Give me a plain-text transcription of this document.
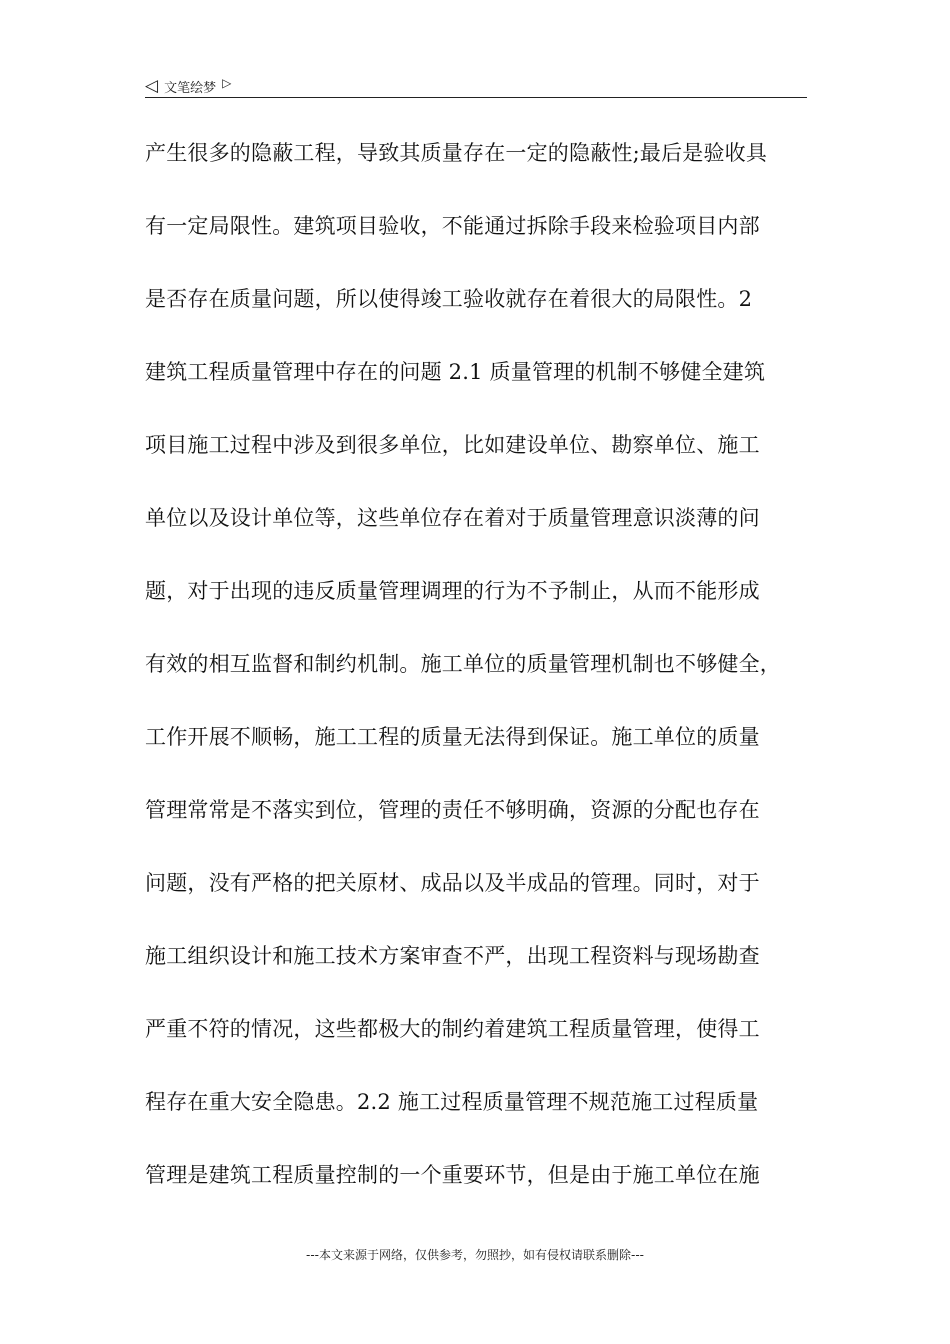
◁ 文笔绘梦 ▷
产生很多的隐蔽工程，导致其质量存在一定的隐蔽性;最后是验收具
有一定局限性。建筑项目验收，不能通过拆除手段来检验项目内部
是否存在质量问题，所以使得竣工验收就存在着很大的局限性。2
建筑工程质量管理中存在的问题 2.1 质量管理的机制不够健全建筑
项目施工过程中涉及到很多单位，比如建设单位、勘察单位、施工
单位以及设计单位等，这些单位存在着对于质量管理意识淡薄的问
题，对于出现的违反质量管理调理的行为不予制止，从而不能形成
有效的相互监督和制约机制。施工单位的质量管理机制也不够健全，
工作开展不顺畅，施工工程的质量无法得到保证。施工单位的质量
管理常常是不落实到位，管理的责任不够明确，资源的分配也存在
问题，没有严格的把关原材、成品以及半成品的管理。同时，对于
施工组织设计和施工技术方案审查不严，出现工程资料与现场勘查
严重不符的情况，这些都极大的制约着建筑工程质量管理，使得工
程存在重大安全隐患。2.2 施工过程质量管理不规范施工过程质量
管理是建筑工程质量控制的一个重要环节，但是由于施工单位在施
---本文来源于网络，仅供参考，勿照抄，如有侵权请联系删除---
